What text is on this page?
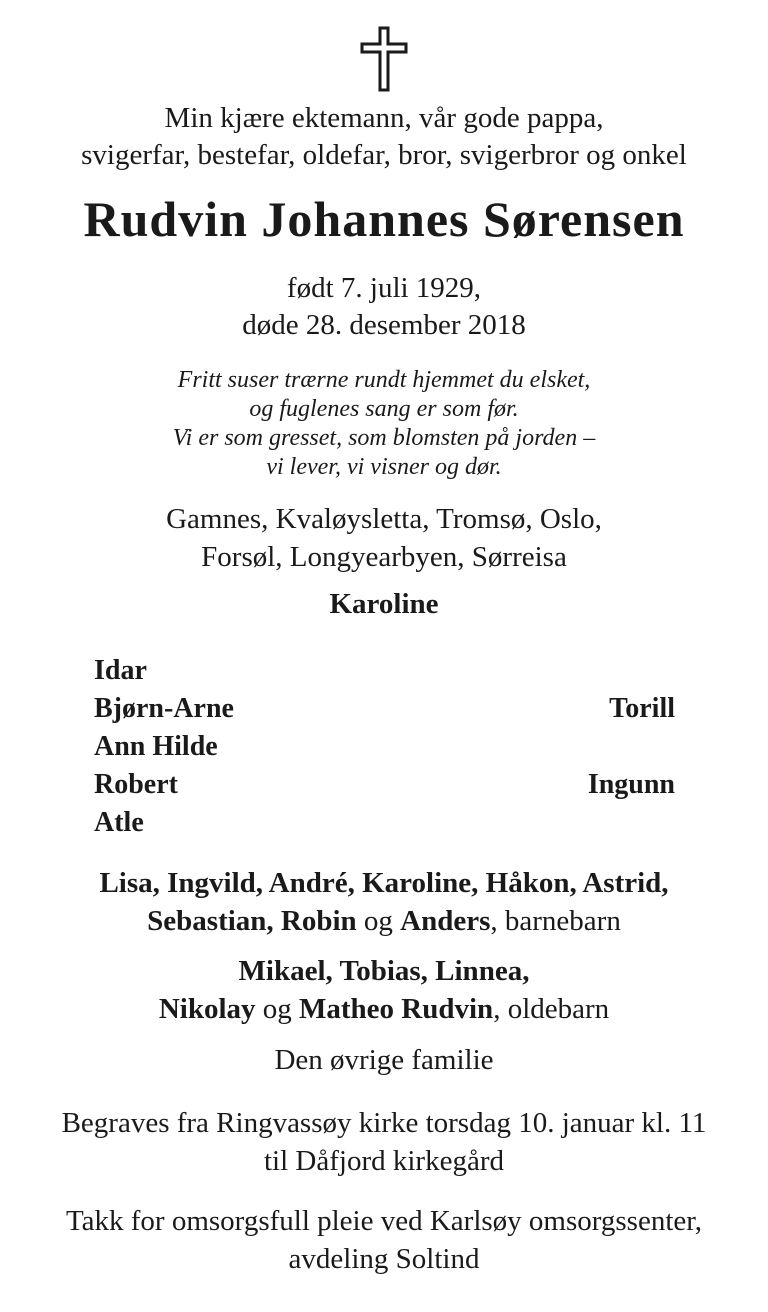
Min kjære ektemann, vår gode pappa,
svigerfar, bestefar, oldefar, bror, svigerbror og onkel
Rudvin Johannes Sørensen
født 7. juli 1929,
døde 28. desember 2018
Fritt suser trærne rundt hjemmet du elsket,
og fuglenes sang er som før.
Vi er som gresset, som blomsten på jorden –
vi lever, vi visner og dør.
Gamnes, Kvaløysletta, Tromsø, Oslo,
Forsøl, Longyearbyen, Sørreisa
Karoline
Idar
Bjørn-Arne
Ann Hilde
Robert
Atle

Torill

Ingunn

Lisa, Ingvild, André, Karoline, Håkon, Astrid,
Sebastian, Robin og Anders, barnebarn
Mikael, Tobias, Linnea,
Nikolay og Matheo Rudvin, oldebarn
Den øvrige familie
Begraves fra Ringvassøy kirke torsdag 10. januar kl. 11
til Dåfjord kirkegård
Takk for omsorgsfull pleie ved Karlsøy omsorgssenter,
avdeling Soltind
